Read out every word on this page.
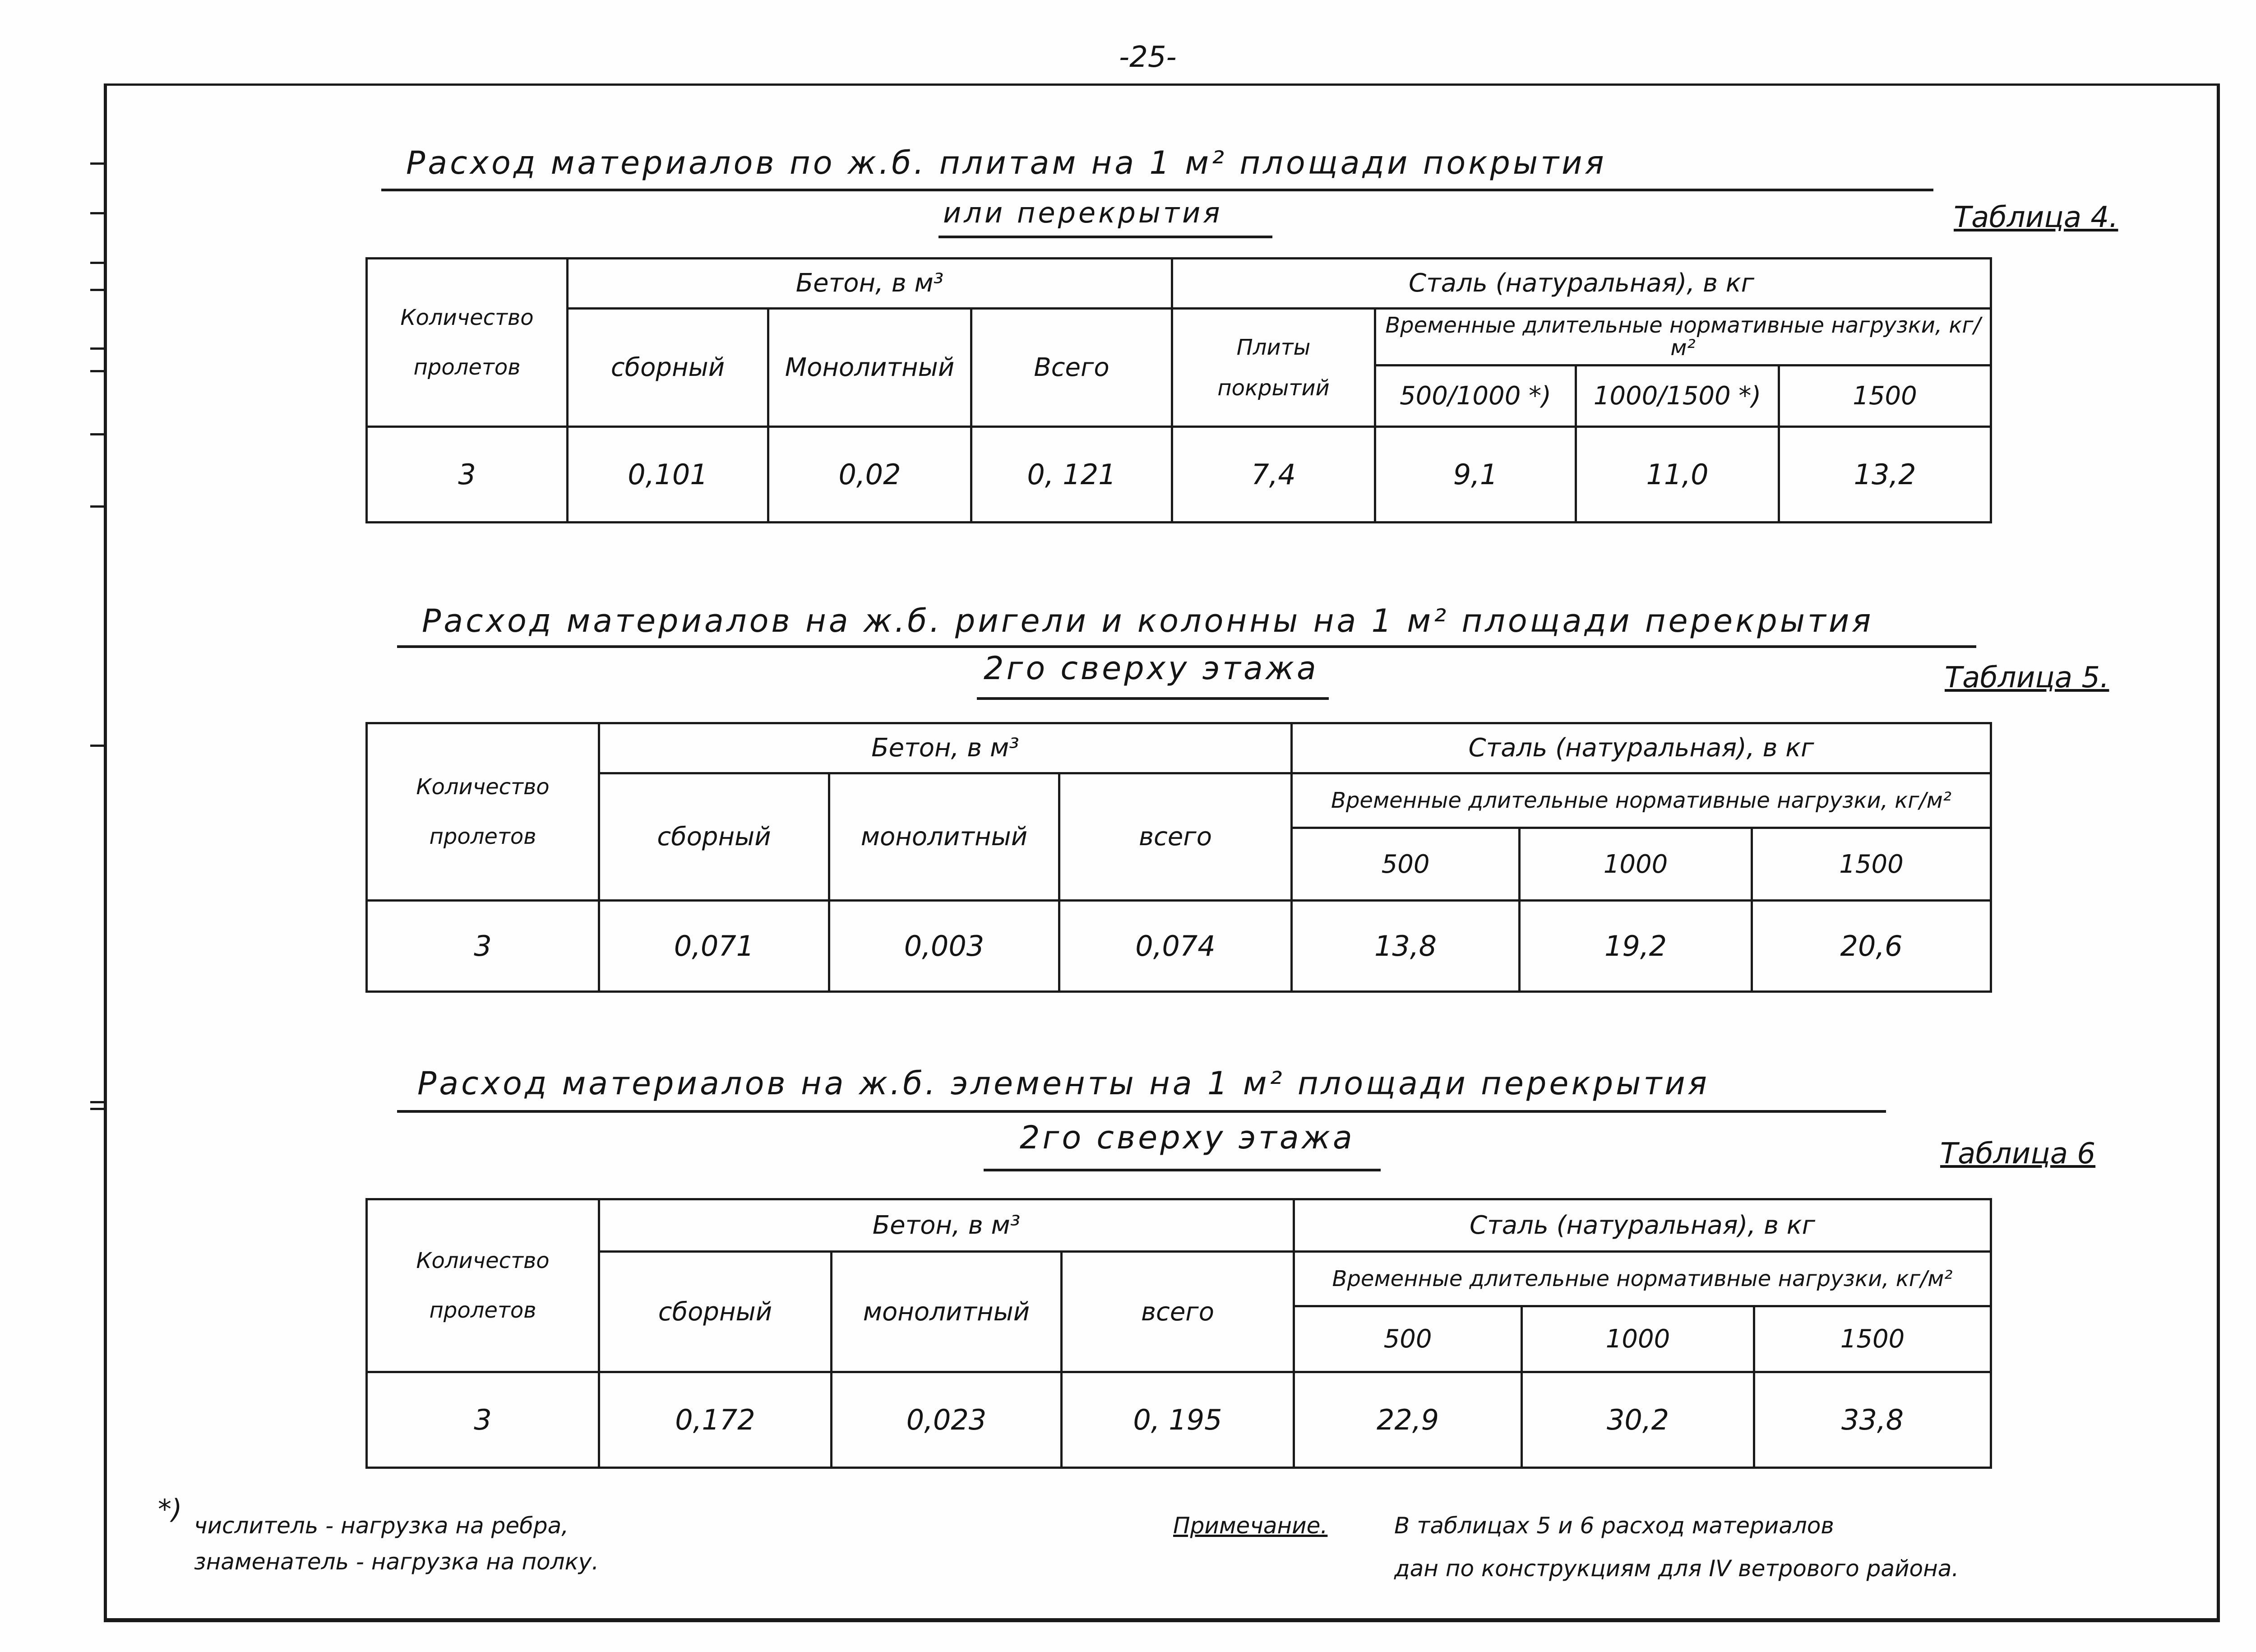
-25-
Расход материалов по ж.б. плитам на 1 м² площади покрытия
или перекрытия	Таблица 4.
Количество пролетов	Бетон, в м³			Сталь (натуральная), в кг			
	сборный	Монолитный	Всего	Плиты покрытий	Временные длительные нормативные нагрузки, кг/м²		
					500/1000 *)	1000/1500 *)	1500
3	0,101	0,02	0, 121	7,4	9,1	11,0	13,2
Расход материалов на ж.б. ригели и колонны на 1 м² площади перекрытия
2го сверху этажа	Таблица 5.
Количество пролетов	Бетон, в м³			Сталь (натуральная), в кг		
	сборный	монолитный	всего	Временные длительные нормативные нагрузки, кг/м²		
				500	1000	1500
3	0,071	0,003	0,074	13,8	19,2	20,6
Расход материалов на ж.б. элементы на 1 м² площади перекрытия
2го сверху этажа	Таблица 6
Количество пролетов	Бетон, в м³			Сталь (натуральная), в кг		
	сборный	монолитный	всего	Временные длительные нормативные нагрузки, кг/м²		
				500	1000	1500
3	0,172	0,023	0, 195	22,9	30,2	33,8
*)
числитель - нагрузка на ребра,
знаменатель - нагрузка на полку.
Примечание.	В таблицах 5 и 6 расход материалов
дан по конструкциям для IV ветрового района.
